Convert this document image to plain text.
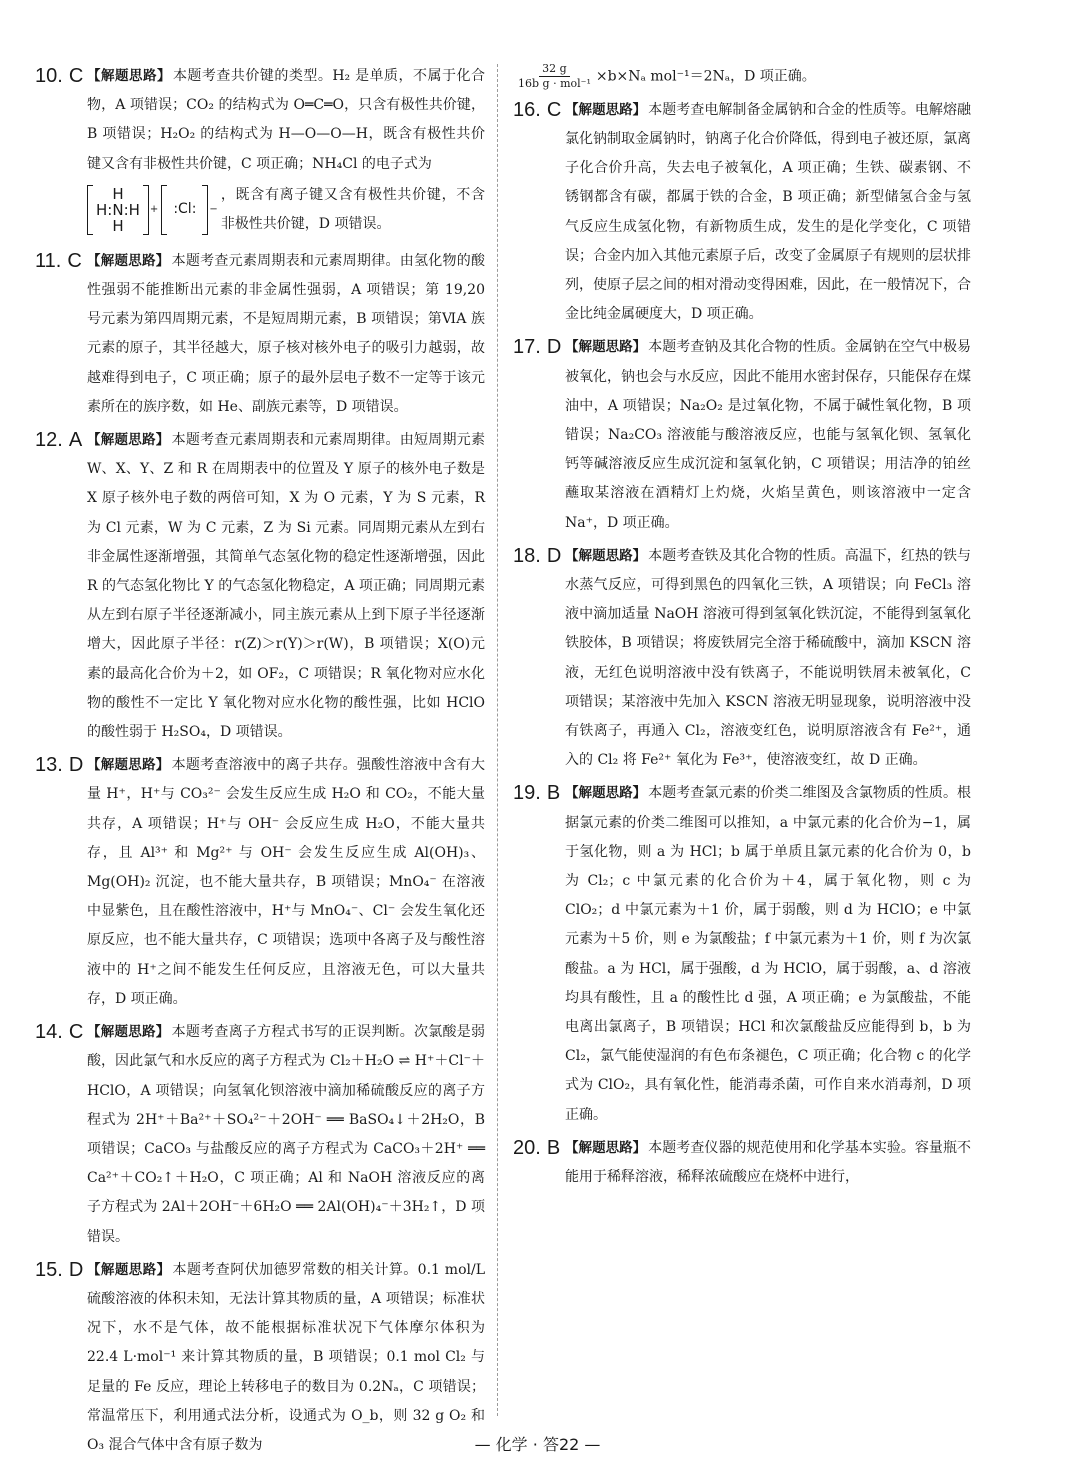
10. C 【解题思路】 本题考查共价键的类型。H₂ 是单质，不属于化合物，A 项错误；CO₂ 的结构式为 O═C═O，只含有极性共价键，B 项错误；H₂O₂ 的结构式为 H—O—O—H，既含有极性共价键又含有非极性共价键，C 项正确；NH₄Cl 的电子式为
H
H :N: H
H
+	:Cl:	−
，既含有离子键又含有极性共价键，不含非极性共价键，D 项错误。
11. C 【解题思路】 本题考查元素周期表和元素周期律。由氢化物的酸性强弱不能推断出元素的非金属性强弱，A 项错误；第 19,20 号元素为第四周期元素，不是短周期元素，B 项错误；第ⅥA 族元素的原子，其半径越大，原子核对核外电子的吸引力越弱，故越难得到电子，C 项正确；原子的最外层电子数不一定等于该元素所在的族序数，如 He、副族元素等，D 项错误。
12. A 【解题思路】 本题考查元素周期表和元素周期律。由短周期元素 W、X、Y、Z 和 R 在周期表中的位置及 Y 原子的核外电子数是 X 原子核外电子数的两倍可知，X 为 O 元素，Y 为 S 元素，R 为 Cl 元素，W 为 C 元素，Z 为 Si 元素。同周期元素从左到右非金属性逐渐增强，其简单气态氢化物的稳定性逐渐增强，因此 R 的气态氢化物比 Y 的气态氢化物稳定，A 项正确；同周期元素从左到右原子半径逐渐减小，同主族元素从上到下原子半径逐渐增大，因此原子半径：r(Z)＞r(Y)＞r(W)，B 项错误；X(O)元素的最高化合价为＋2，如 OF₂，C 项错误；R 氧化物对应水化物的酸性不一定比 Y 氧化物对应水化物的酸性强，比如 HClO 的酸性弱于 H₂SO₄，D 项错误。
13. D 【解题思路】 本题考查溶液中的离子共存。强酸性溶液中含有大量 H⁺，H⁺与 CO₃²⁻ 会发生反应生成 H₂O 和 CO₂，不能大量共存，A 项错误；H⁺与 OH⁻ 会反应生成 H₂O，不能大量共存，且 Al³⁺ 和 Mg²⁺ 与 OH⁻ 会发生反应生成 Al(OH)₃、Mg(OH)₂ 沉淀，也不能大量共存，B 项错误；MnO₄⁻ 在溶液中显紫色，且在酸性溶液中，H⁺与 MnO₄⁻、Cl⁻ 会发生氧化还原反应，也不能大量共存，C 项错误；选项中各离子及与酸性溶液中的 H⁺之间不能发生任何反应，且溶液无色，可以大量共存，D 项正确。
14. C 【解题思路】 本题考查离子方程式书写的正误判断。次氯酸是弱酸，因此氯气和水反应的离子方程式为 Cl₂＋H₂O ⇌ H⁺＋Cl⁻＋HClO，A 项错误；向氢氧化钡溶液中滴加稀硫酸反应的离子方程式为 2H⁺＋Ba²⁺＋SO₄²⁻＋2OH⁻ ══ BaSO₄↓＋2H₂O，B 项错误；CaCO₃ 与盐酸反应的离子方程式为 CaCO₃＋2H⁺ ══ Ca²⁺＋CO₂↑＋H₂O，C 项正确；Al 和 NaOH 溶液反应的离子方程式为 2Al＋2OH⁻＋6H₂O ══ 2Al(OH)₄⁻＋3H₂↑，D 项错误。
15. D 【解题思路】 本题考查阿伏加德罗常数的相关计算。0.1 mol/L 硫酸溶液的体积未知，无法计算其物质的量，A 项错误；标准状况下，水不是气体，故不能根据标准状况下气体摩尔体积为 22.4 L·mol⁻¹ 来计算其物质的量，B 项错误；0.1 mol Cl₂ 与足量的 Fe 反应，理论上转移电子的数目为 0.2Nₐ，C 项错误；常温常压下，利用通式法分析，设通式为 O_b，则 32 g O₂ 和 O₃ 混合气体中含有原子数为
$\frac{32 g}{\text{16b g · mol⁻¹}} \times b\times N_a$ mol⁻¹＝2Nₐ，D 项正确。
16. C 【解题思路】 本题考查电解制备金属钠和合金的性质等。电解熔融氯化钠制取金属钠时，钠离子化合价降低，得到电子被还原，氯离子化合价升高，失去电子被氧化，A 项正确；生铁、碳素钢、不锈钢都含有碳，都属于铁的合金，B 项正确；新型储氢合金与氢气反应生成氢化物，有新物质生成，发生的是化学变化，C 项错误；合金内加入其他元素原子后，改变了金属原子有规则的层状排列，使原子层之间的相对滑动变得困难，因此，在一般情况下，合金比纯金属硬度大，D 项正确。
17. D 【解题思路】 本题考查钠及其化合物的性质。金属钠在空气中极易被氧化，钠也会与水反应，因此不能用水密封保存，只能保存在煤油中，A 项错误；Na₂O₂ 是过氧化物，不属于碱性氧化物，B 项错误；Na₂CO₃ 溶液能与酸溶液反应，也能与氢氧化钡、氢氧化钙等碱溶液反应生成沉淀和氢氧化钠，C 项错误；用洁净的铂丝蘸取某溶液在酒精灯上灼烧，火焰呈黄色，则该溶液中一定含 Na⁺，D 项正确。
18. D 【解题思路】 本题考查铁及其化合物的性质。高温下，红热的铁与水蒸气反应，可得到黑色的四氧化三铁，A 项错误；向 FeCl₃ 溶液中滴加适量 NaOH 溶液可得到氢氧化铁沉淀，不能得到氢氧化铁胶体，B 项错误；将废铁屑完全溶于稀硫酸中，滴加 KSCN 溶液，无红色说明溶液中没有铁离子，不能说明铁屑未被氧化，C 项错误；某溶液中先加入 KSCN 溶液无明显现象，说明溶液中没有铁离子，再通入 Cl₂，溶液变红色，说明原溶液含有 Fe²⁺，通入的 Cl₂ 将 Fe²⁺ 氧化为 Fe³⁺，使溶液变红，故 D 正确。
19. B 【解题思路】 本题考查氯元素的价类二维图及含氯物质的性质。根据氯元素的价类二维图可以推知，a 中氯元素的化合价为−1，属于氢化物，则 a 为 HCl；b 属于单质且氯元素的化合价为 0，b 为 Cl₂；c 中氯元素的化合价为＋4，属于氧化物，则 c 为 ClO₂；d 中氯元素为＋1 价，属于弱酸，则 d 为 HClO；e 中氯元素为＋5 价，则 e 为氯酸盐；f 中氯元素为＋1 价，则 f 为次氯酸盐。a 为 HCl，属于强酸，d 为 HClO，属于弱酸，a、d 溶液均具有酸性，且 a 的酸性比 d 强，A 项正确；e 为氯酸盐，不能电离出氯离子，B 项错误；HCl 和次氯酸盐反应能得到 b，b 为 Cl₂，氯气能使湿润的有色布条褪色，C 项正确；化合物 c 的化学式为 ClO₂，具有氧化性，能消毒杀菌，可作自来水消毒剂，D 项正确。
20. B 【解题思路】 本题考查仪器的规范使用和化学基本实验。容量瓶不能用于稀释溶液，稀释浓硫酸应在烧杯中进行，
— 化学 · 答22 —
